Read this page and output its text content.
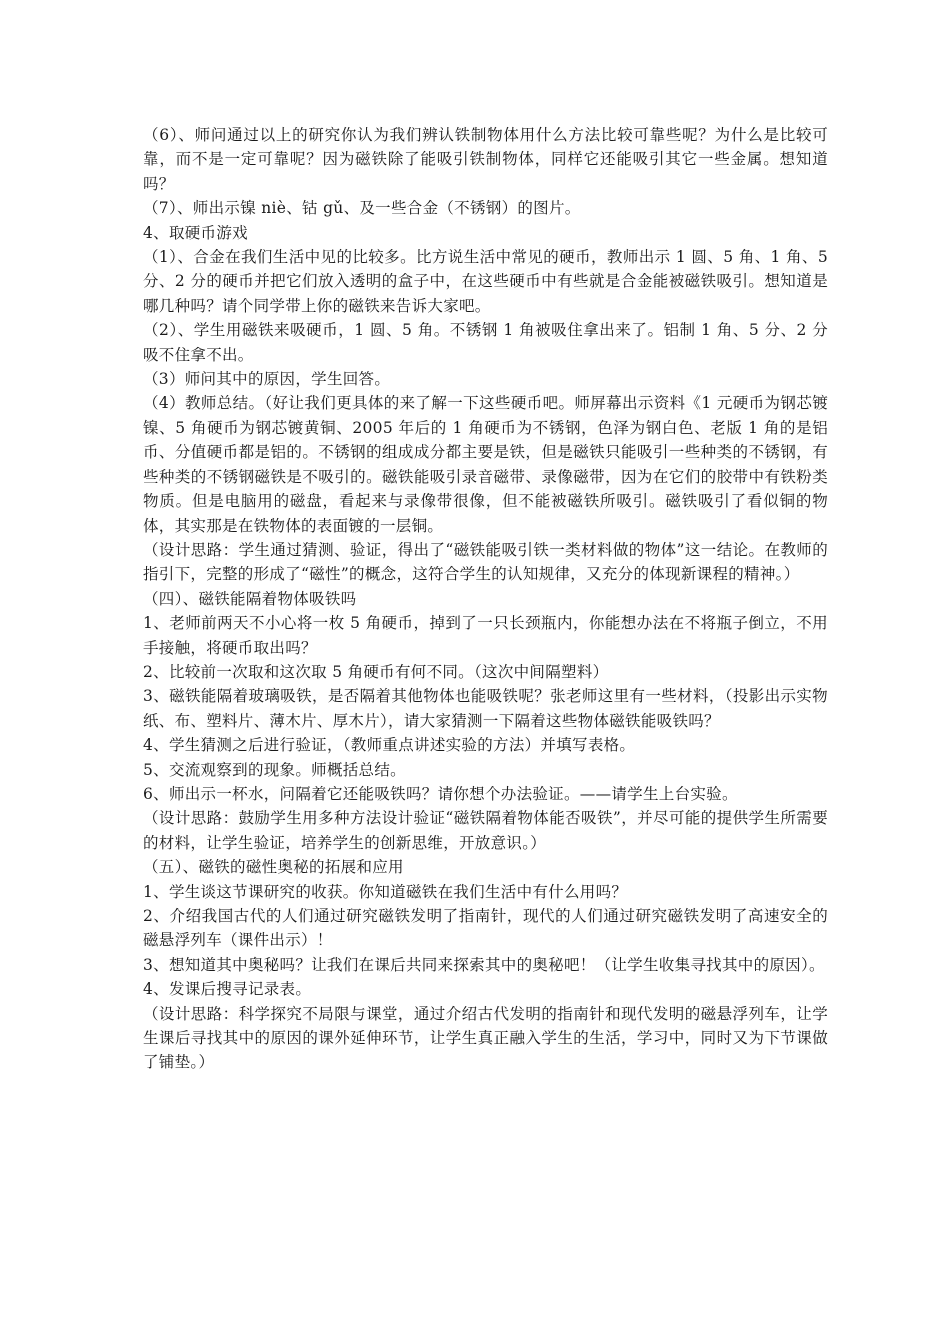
（6）、师问通过以上的研究你认为我们辨认铁制物体用什么方法比较可靠些呢？为什么是比较可靠，而不是一定可靠呢？因为磁铁除了能吸引铁制物体，同样它还能吸引其它一些金属。想知道吗？

（7）、师出示镍 niè、钴 gǔ、及一些合金（不锈钢）的图片。

4、取硬币游戏

（1）、合金在我们生活中见的比较多。比方说生活中常见的硬币，教师出示 1 圆、5 角、1 角、5 分、2 分的硬币并把它们放入透明的盒子中，在这些硬币中有些就是合金能被磁铁吸引。想知道是哪几种吗？请个同学带上你的磁铁来告诉大家吧。

（2）、学生用磁铁来吸硬币，1 圆、5 角。不锈钢 1 角被吸住拿出来了。铝制 1 角、5 分、2 分吸不住拿不出。

（3）师问其中的原因，学生回答。

（4）教师总结。（好让我们更具体的来了解一下这些硬币吧。师屏幕出示资料《1 元硬币为钢芯镀镍、5 角硬币为钢芯镀黄铜、2005 年后的 1 角硬币为不锈钢，色泽为钢白色、老版 1 角的是铝币、分值硬币都是铝的。不锈钢的组成成分都主要是铁，但是磁铁只能吸引一些种类的不锈钢，有些种类的不锈钢磁铁是不吸引的。磁铁能吸引录音磁带、录像磁带，因为在它们的胶带中有铁粉类物质。但是电脑用的磁盘，看起来与录像带很像，但不能被磁铁所吸引。磁铁吸引了看似铜的物体，其实那是在铁物体的表面镀的一层铜。

（设计思路：学生通过猜测、验证，得出了“磁铁能吸引铁一类材料做的物体”这一结论。在教师的指引下，完整的形成了“磁性”的概念，这符合学生的认知规律，又充分的体现新课程的精神。）

（四）、磁铁能隔着物体吸铁吗

1、老师前两天不小心将一枚 5 角硬币，掉到了一只长颈瓶内，你能想办法在不将瓶子倒立，不用手接触，将硬币取出吗？

2、比较前一次取和这次取 5 角硬币有何不同。（这次中间隔塑料）

3、磁铁能隔着玻璃吸铁，是否隔着其他物体也能吸铁呢？张老师这里有一些材料，（投影出示实物纸、布、塑料片、薄木片、厚木片），请大家猜测一下隔着这些物体磁铁能吸铁吗？

4、学生猜测之后进行验证，（教师重点讲述实验的方法）并填写表格。

5、交流观察到的现象。师概括总结。

6、师出示一杯水，问隔着它还能吸铁吗？请你想个办法验证。——请学生上台实验。

（设计思路：鼓励学生用多种方法设计验证“磁铁隔着物体能否吸铁”，并尽可能的提供学生所需要的材料，让学生验证，培养学生的创新思维，开放意识。）

（五）、磁铁的磁性奥秘的拓展和应用

1、学生谈这节课研究的收获。你知道磁铁在我们生活中有什么用吗？

2、介绍我国古代的人们通过研究磁铁发明了指南针，现代的人们通过研究磁铁发明了高速安全的磁悬浮列车（课件出示）！

3、想知道其中奥秘吗？让我们在课后共同来探索其中的奥秘吧！（让学生收集寻找其中的原因）。

4、发课后搜寻记录表。

（设计思路：科学探究不局限与课堂，通过介绍古代发明的指南针和现代发明的磁悬浮列车，让学生课后寻找其中的原因的课外延伸环节，让学生真正融入学生的生活，学习中，同时又为下节课做了铺垫。）
